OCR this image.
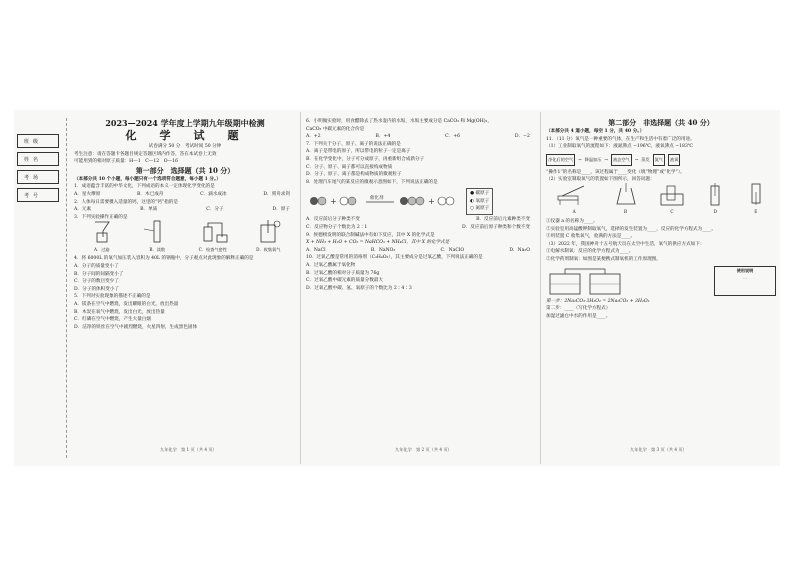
班级
姓名
考场
考号

2023—2024 学年度上学期九年级期中检测

化　学　试　题

试卷满分 50 分　考试时间 50 分钟

考生注意：请在答题卡各题目规定答题区域内作答，答在本试卷上无效

可能用到的相对原子质量：H—1　C—12　O—16

第一部分　选择题（共 10 分）

（本部分共 10 个小题，每小题只有一个选项符合题意，每小题 1 分。）

1．成语蕴含丰富的中华文化，下列成语的本义一定体现化学变化的是

A．星火燎原	B．木已成舟	C．滴水成冰	D．刻舟求剑

2．人体每日需要摄入适量的钙，这里的“钙”指的是

A．元素	B．单质	C．分子	D．原子

3．下列实验操作正确的是

A．过滤	B．读数	C．检查气密性	D．收集氧气

4．将 6000L 的氧气加压装入容积为 40L 的钢瓶中，分子观点对此现象的解释正确的是

A．分子的质量变小了

B．分子间的间隔变小了

C．分子的数目变少了

D．分子的体积变小了

5．下列对实验现象的描述不正确的是

A．镁条在空气中燃烧，发出耀眼的白光，放出热量

B．木炭在氧气中燃烧，发出白光，放出热量

C．红磷在空气中燃烧，产生大量白烟

D．洁净的铁丝在空气中剧烈燃烧，火星四射，生成黑色固体

九年化学　第 1 页（共 4 页）

6．小明做实验时，用食醋除去了热水壶内的水垢，水垢主要成分是 CaCO₃ 和 Mg(OH)₂，

CaCO₃ 中碳元素的化合价是

A．+2	B．+4	C．+6	D．−2

7．下列关于分子、原子、离子的说法正确的是

A．离子是带电的原子，所以带电的粒子一定是离子

B．在化学变化中，分子可分成原子，再重新组合成新分子

C．分子、原子、离子都可以直接构成物质

D．分子、原子、离子都是构成物质的微观粒子

8．处理汽车尾气的某反应的微观示意图如下，下列说法正确的是

+	催化剂	+

● 碳原子

◐ 氧原子

○ 氮原子

A．反应前后分子种类不变	B．反应前后元素种类不变
C．反应物分子个数比为 2∶1	D．反应前后原子种类和个数不变

9．侯德榜发明的联合制碱法中有如下反应，其中 X 的化学式是

X + NH₃ + H₂O + CO₂ = NaHCO₃ + NH₄Cl，其中 X 的化学式是

A．NaCl	B．NaNO₃	C．NaClO	D．Na₂O

10．过氧乙酸是常用的消毒剂（C₂H₄O₃），其主要成分是过氧乙酸，下列说法正确的是

A．过氧乙酸属于氧化物

B．过氧乙酸的相对分子质量为 76g

C．过氧乙酸中碳元素的质量分数最大

D．过氧乙酸中碳、氢、氧原子的个数比为 2∶4∶3

九年化学　第 2 页（共 4 页）

第二部分　非选择题（共 40 分）

（本部分共 4 道小题，每空 1 分，共 40 分。）

11．（11 分）氧气是一种重要的气体，在生产和生活中有着广泛的用途。

（1）工业制取氧气的流程如下：液氮沸点 −196℃，液氧沸点 −183℃

净化后的空气	→ 降温加压 →	液态空气	→ 蒸发	氮气	液氧

“操作1”的名称是____，该过程属于____变化（填“物理”或“化学”）。

（2）实验室制取氧气的装置如下图所示，回答问题：

A	B	C	D	E

①仪器 a 的名称为____。

②实验室用高锰酸钾制取氧气，选择的发生装置为____，反应的化学方程式为____。

③用装置 C 收集氧气，验满的方法是____。

（3）2022 年，我国神舟十五号航天员在太空中生活，氧气的供应方式如下：

①电解水制氧：反应的化学方程式为____。

②化学药剂制氧：如图是某便携式制氧机的工作原理图。

使用说明

…

第一步：2Na₂CO₃·3H₂O₂ = 2Na₂CO₃ + 3H₂O₂

第二步：____（写化学方程式）

加湿过滤仓中水的作用是____。

九年化学　第 3 页（共 4 页）
